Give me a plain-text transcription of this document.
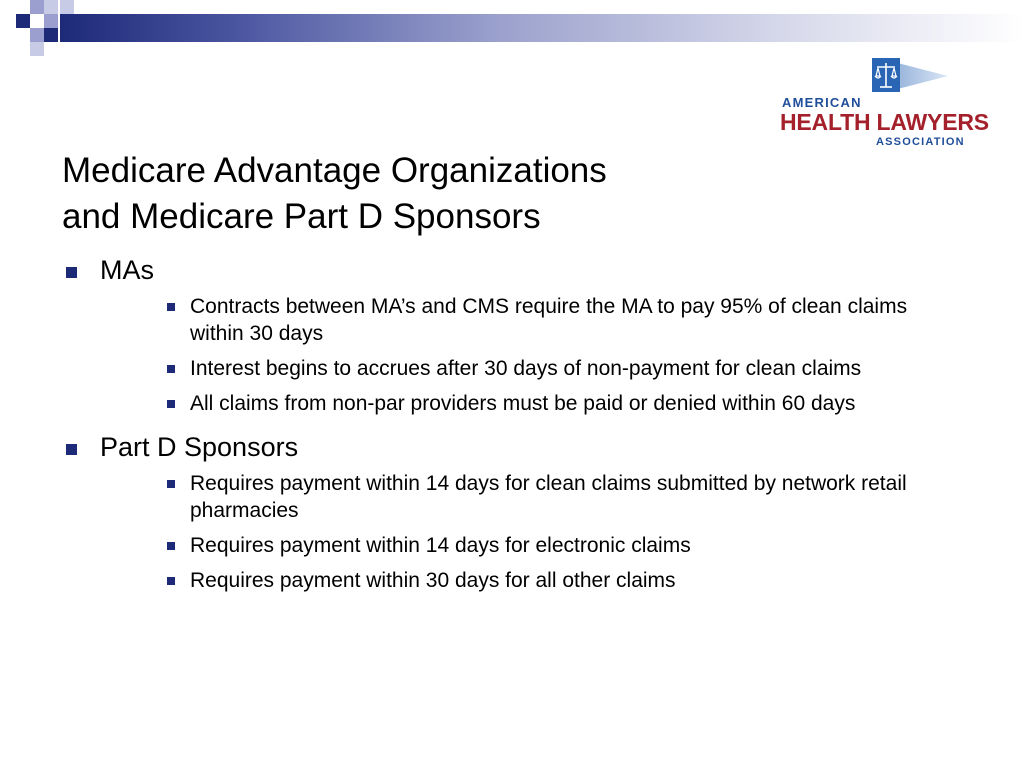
AMERICAN
HEALTH LAWYERS
ASSOCIATION
Medicare Advantage Organizations
and Medicare Part D Sponsors
MAs
Contracts between MA’s and CMS require the MA to pay 95% of clean claims within 30 days
Interest begins to accrues after 30 days of non-payment for clean claims
All claims from non-par providers must be paid or denied within 60 days
Part D Sponsors
Requires payment within 14 days for clean claims submitted by network retail pharmacies
Requires payment within 14 days for electronic claims
Requires payment within 30 days for all other claims
